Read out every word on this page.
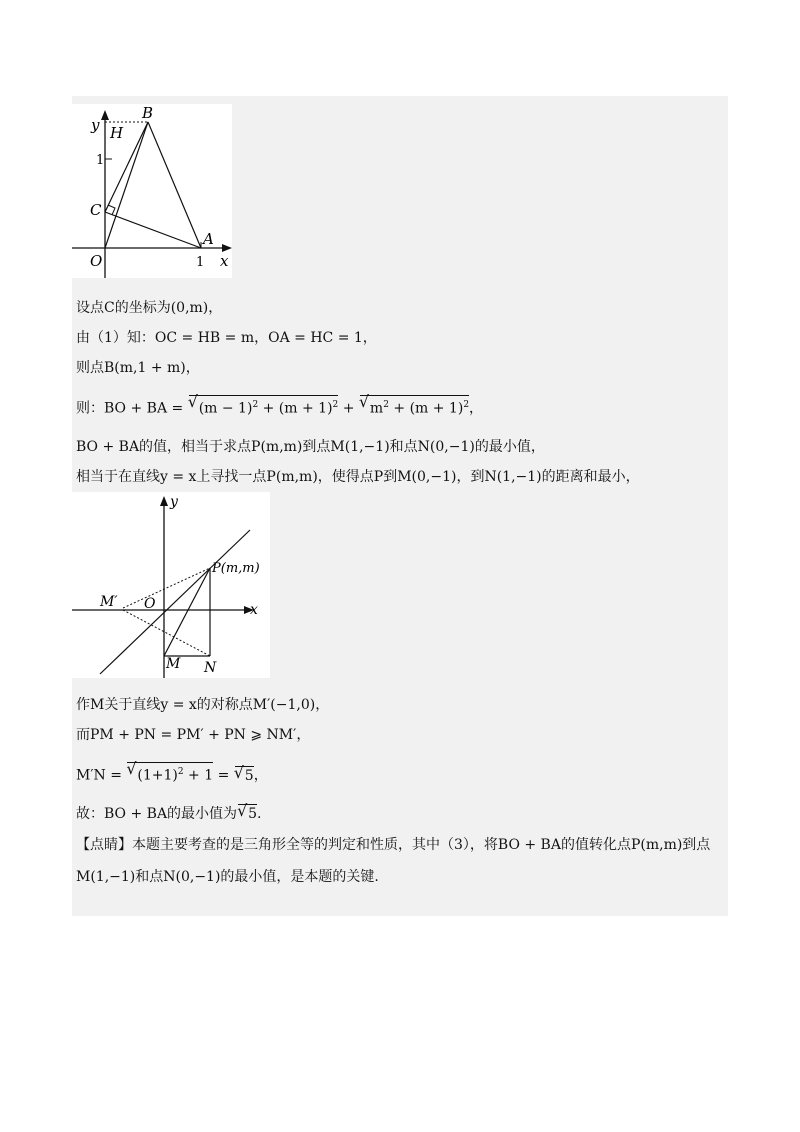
y H
B
1
C
A
O	1 x
设点C的坐标为(0,m)，
由（1）知：OC = HB = m，OA = HC = 1，
则点B(m,1 + m)，
则：BO + BA = √ $(m - 1)^2 + (m + 1)^2$ + √ $m^2 + (m + 1)^2$，
BO + BA的值，相当于求点P(m,m)到点M(1,−1)和点N(0,−1)的最小值，
相当于在直线y = x上寻找一点P(m,m)，使得点P到M(0,−1)，到N(1,−1)的距离和最小，
y
P(m,m)
M′ O	x
M N
作M关于直线y = x的对称点M′(−1,0)，
而PM + PN = PM′ + PN ⩾ NM′，
M′N = √ $(1+1)^2 + 1$ = √ 5，
故：BO + BA的最小值为√ 5.
【点睛】本题主要考查的是三角形全等的判定和性质，其中（3），将BO + BA的值转化点P(m,m)到点
M(1,−1)和点N(0,−1)的最小值，是本题的关键.
